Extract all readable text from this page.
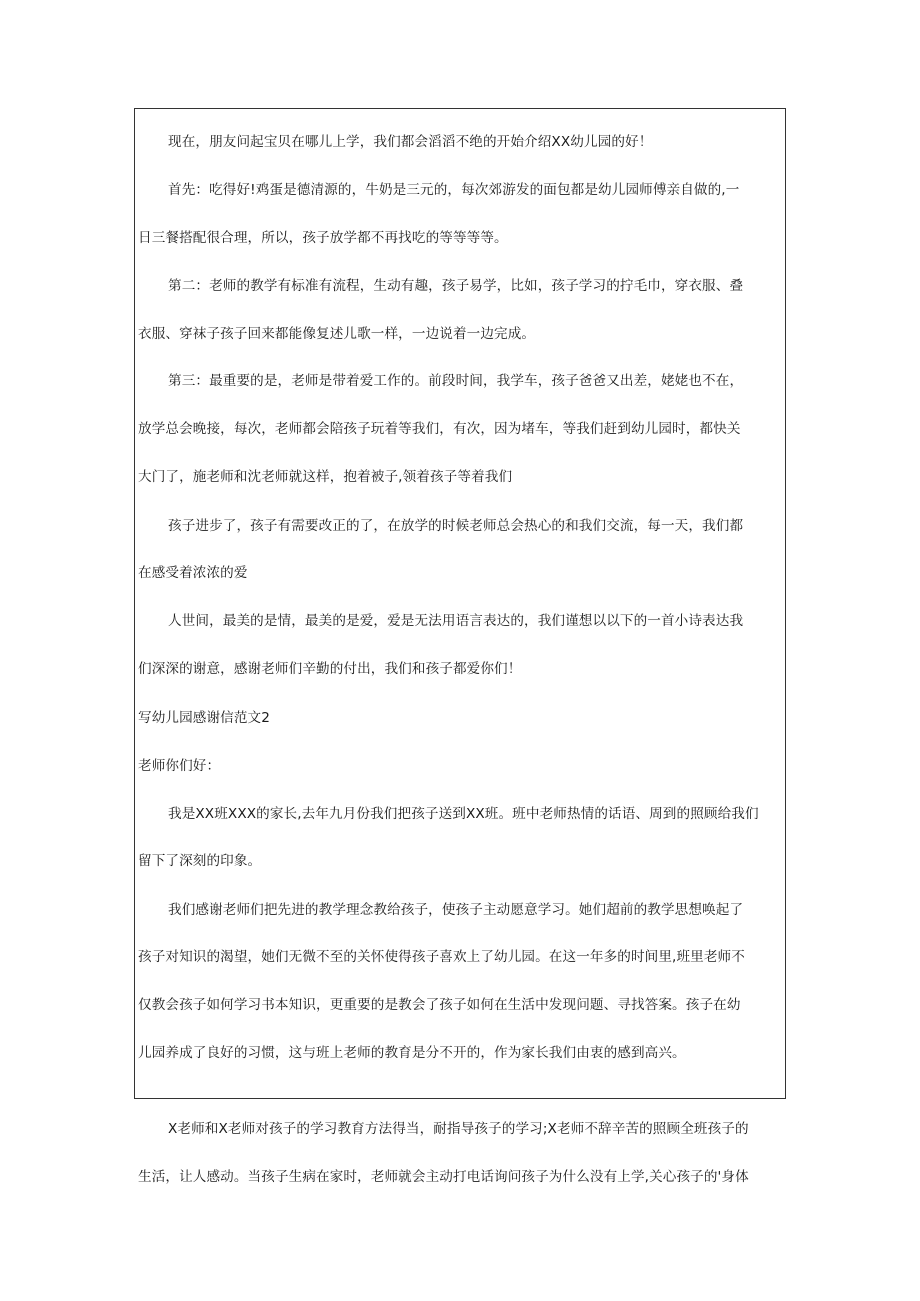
现在，朋友问起宝贝在哪儿上学，我们都会滔滔不绝的开始介绍XX幼儿园的好！
首先：吃得好!鸡蛋是德清源的，牛奶是三元的，每次郊游发的面包都是幼儿园师傅亲自做的,一
日三餐搭配很合理，所以，孩子放学都不再找吃的等等等等。
第二：老师的教学有标准有流程，生动有趣，孩子易学，比如，孩子学习的拧毛巾，穿衣服、叠
衣服、穿袜子孩子回来都能像复述儿歌一样，一边说着一边完成。
第三：最重要的是，老师是带着爱工作的。前段时间，我学车，孩子爸爸又出差，姥姥也不在，
放学总会晚接，每次，老师都会陪孩子玩着等我们，有次，因为堵车，等我们赶到幼儿园时，都快关
大门了，施老师和沈老师就这样，抱着被子,领着孩子等着我们
孩子进步了，孩子有需要改正的了，在放学的时候老师总会热心的和我们交流，每一天，我们都
在感受着浓浓的爱
人世间，最美的是情，最美的是爱，爱是无法用语言表达的，我们谨想以以下的一首小诗表达我
们深深的谢意，感谢老师们辛勤的付出，我们和孩子都爱你们！
写幼儿园感谢信范文2
老师你们好：
我是XX班XXX的家长,去年九月份我们把孩子送到XX班。班中老师热情的话语、周到的照顾给我们
留下了深刻的印象。
我们感谢老师们把先进的教学理念教给孩子，使孩子主动愿意学习。她们超前的教学思想唤起了
孩子对知识的渴望，她们无微不至的关怀使得孩子喜欢上了幼儿园。在这一年多的时间里,班里老师不
仅教会孩子如何学习书本知识，更重要的是教会了孩子如何在生活中发现问题、寻找答案。孩子在幼
儿园养成了良好的习惯，这与班上老师的教育是分不开的，作为家长我们由衷的感到高兴。
X老师和X老师对孩子的学习教育方法得当，耐指导孩子的学习;X老师不辞辛苦的照顾全班孩子的
生活，让人感动。当孩子生病在家时，老师就会主动打电话询问孩子为什么没有上学,关心孩子的'身体
